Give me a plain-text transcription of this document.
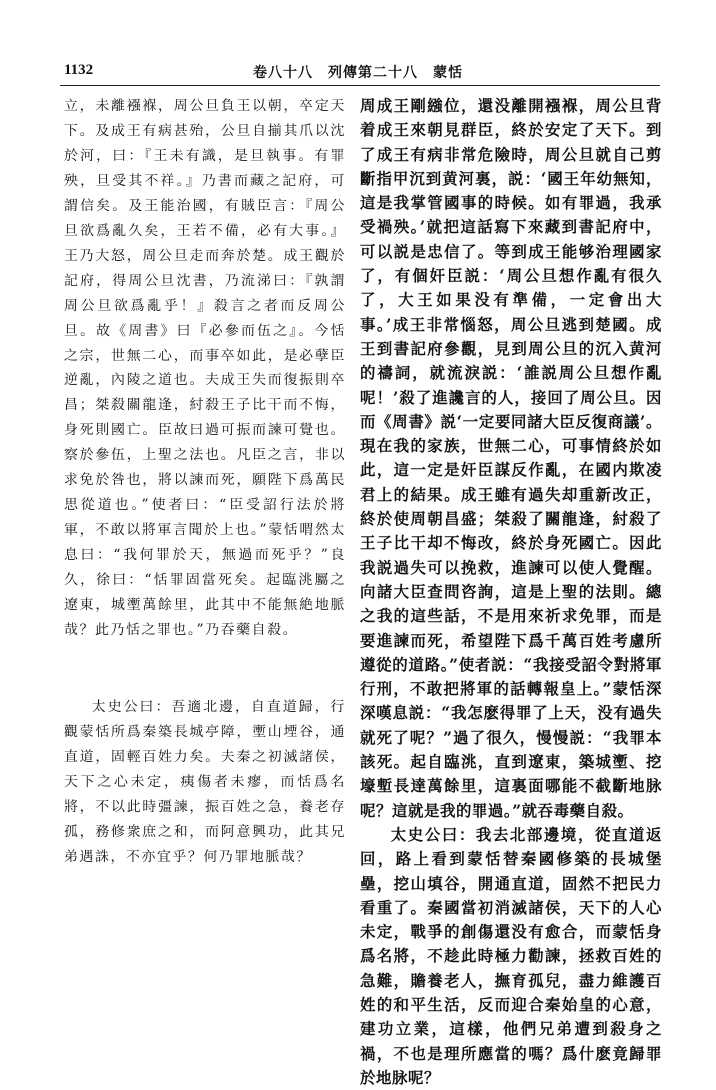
1132	卷八十八　列傳第二十八　蒙恬

立，未離襁褓，周公旦負王以朝，卒定天下。及成王有病甚殆，公旦自揃其爪以沈於河，曰：『王未有識，是旦執事。有罪殃，旦受其不祥。』乃書而藏之記府，可謂信矣。及王能治國，有賊臣言：『周公旦欲爲亂久矣，王若不備，必有大事。』王乃大怒，周公旦走而奔於楚。成王觀於記府，得周公旦沈書，乃流涕曰：『孰謂周公旦欲爲亂乎！』殺言之者而反周公旦。故《周書》曰『必參而伍之』。今恬之宗，世無二心，而事卒如此，是必孽臣逆亂，內陵之道也。夫成王失而復振則卒昌；桀殺關龍逢，紂殺王子比干而不悔，身死則國亡。臣故曰過可振而諫可覺也。察於參伍，上聖之法也。凡臣之言，非以求免於咎也，將以諫而死，願陛下爲萬民思從道也。”使者曰：“臣受詔行法於將軍，不敢以將軍言聞於上也。”蒙恬喟然太息曰：“我何罪於天，無過而死乎？”良久，徐曰：“恬罪固當死矣。起臨洮屬之遼東，城壍萬餘里，此其中不能無絶地脈哉？此乃恬之罪也。”乃吞藥自殺。

太史公曰：吾適北邊，自直道歸，行觀蒙恬所爲秦築長城亭障，壍山堙谷，通直道，固輕百姓力矣。夫秦之初滅諸侯，天下之心未定，痍傷者未瘳，而恬爲名將，不以此時彊諫，振百姓之急，養老存孤，務修衆庶之和，而阿意興功，此其兄弟遇誅，不亦宜乎？何乃罪地脈哉？

周成王剛繈位，還没離開襁褓，周公旦背着成王來朝見群臣，終於安定了天下。到了成王有病非常危險時，周公旦就自己剪斷指甲沉到黄河裏，説：‘國王年幼無知，這是我掌管國事的時候。如有罪過，我承受禍殃。’就把這話寫下來藏到書記府中，可以説是忠信了。等到成王能够治理國家了，有個奸臣説：‘周公旦想作亂有很久了，大王如果没有準備，一定會出大事。’成王非常惱怒，周公旦逃到楚國。成王到書記府參觀，見到周公旦的沉入黄河的禱詞，就流淚説：‘誰説周公旦想作亂呢！’殺了進讒言的人，接回了周公旦。因而《周書》説‘一定要同諸大臣反復商議’。現在我的家族，世無二心，可事情終於如此，這一定是奸臣謀反作亂，在國内欺凌君上的結果。成王雖有過失却重新改正，終於使周朝昌盛；桀殺了關龍逢，紂殺了王子比干却不悔改，終於身死國亡。因此我説過失可以挽救，進諫可以使人覺醒。向諸大臣查問咨詢，這是上聖的法則。總之我的這些話，不是用來祈求免罪，而是要進諫而死，希望陛下爲千萬百姓考慮所遵從的道路。”使者説：“我接受詔令對將軍行刑，不敢把將軍的話轉報皇上。”蒙恬深深嘆息説：“我怎麽得罪了上天，没有過失就死了呢？”過了很久，慢慢説：“我罪本該死。起自臨洮，直到遼東，築城壍、挖壕塹長達萬餘里，這裏面哪能不截斷地脉呢？這就是我的罪過。”就吞毒藥自殺。

太史公曰：我去北部邊境，從直道返回，路上看到蒙恬替秦國修築的長城堡壘，挖山填谷，開通直道，固然不把民力看重了。秦國當初消滅諸侯，天下的人心未定，戰爭的創傷還没有愈合，而蒙恬身爲名將，不趁此時極力勸諫，拯救百姓的急難，贍養老人，撫育孤兒，盡力維護百姓的和平生活，反而迎合秦始皇的心意，建功立業，這樣，他們兄弟遭到殺身之禍，不也是理所應當的嗎？爲什麽竟歸罪於地脉呢？
